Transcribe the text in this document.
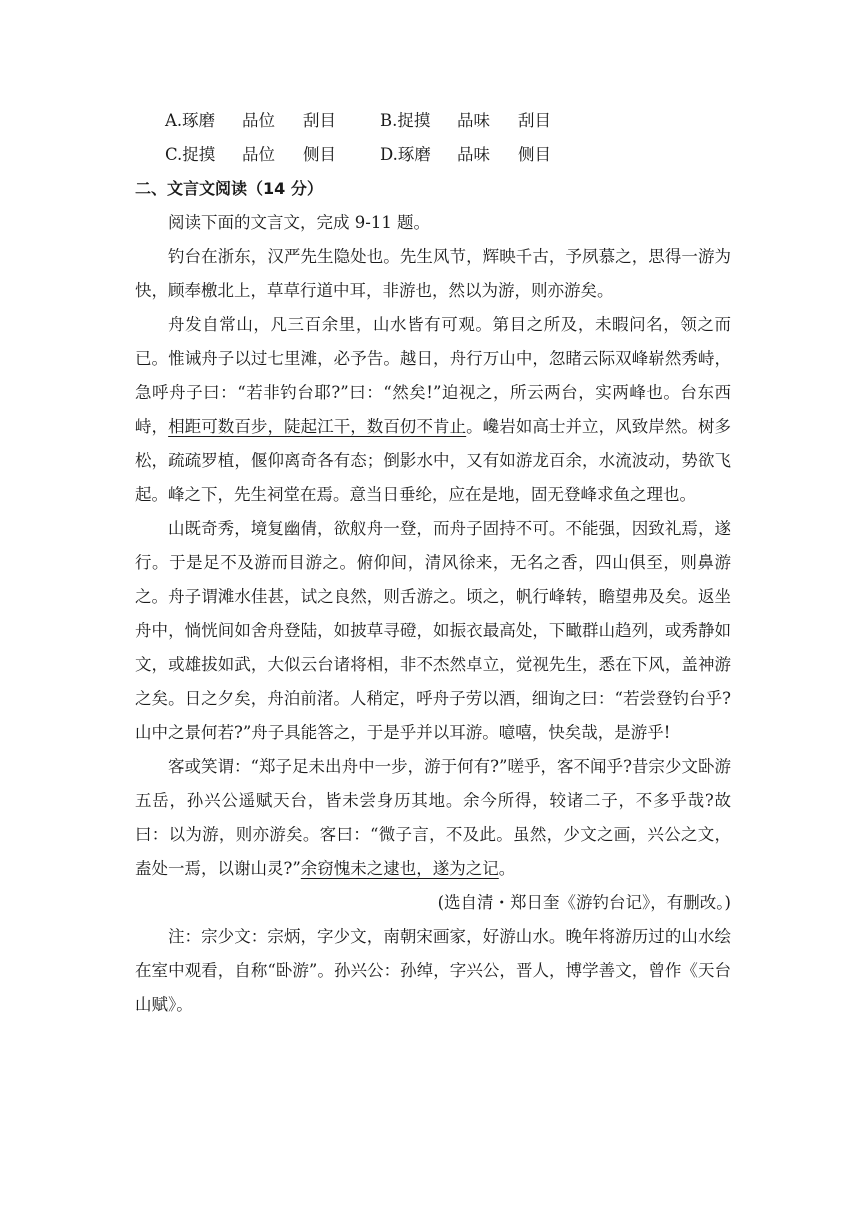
A.琢磨	品位	刮目	B.捉摸	品味	刮目
C.捉摸	品位	侧目	D.琢磨	品味	侧目
二、文言文阅读（14 分）

阅读下面的文言文，完成 9-11 题。

钓台在浙东，汉严先生隐处也。先生风节，辉映千古，予夙慕之，思得一游为快，顾奉檄北上，草草行道中耳，非游也，然以为游，则亦游矣。

舟发自常山，凡三百余里，山水皆有可观。第目之所及，未暇问名，领之而已。惟诫舟子以过七里滩，必予告。越日，舟行万山中，忽睹云际双峰崭然秀峙，急呼舟子曰：“若非钓台耶?”曰：“然矣!”迫视之，所云两台，实两峰也。台东西峙，相距可数百步，陡起江干，数百仞不肯止。巉岩如高士并立，风致岸然。树多松，疏疏罗植，偃仰离奇各有态；倒影水中，又有如游龙百余，水流波动，势欲飞起。峰之下，先生祠堂在焉。意当日垂纶，应在是地，固无登峰求鱼之理也。

山既奇秀，境复幽倩，欲舣舟一登，而舟子固持不可。不能强，因致礼焉，遂行。于是足不及游而目游之。俯仰间，清风徐来，无名之香，四山俱至，则鼻游之。舟子谓滩水佳甚，试之良然，则舌游之。顷之，帆行峰转，瞻望弗及矣。返坐舟中，惝恍间如舍舟登陆，如披草寻磴，如振衣最高处，下瞰群山趋列，或秀静如文，或雄拔如武，大似云台诸将相，非不杰然卓立，觉视先生，悉在下风，盖神游之矣。日之夕矣，舟泊前渚。人稍定，呼舟子劳以酒，细询之曰：“若尝登钓台乎?山中之景何若?”舟子具能答之，于是乎并以耳游。噫嘻，快矣哉，是游乎!

客或笑谓：“郑子足未出舟中一步，游于何有?”嗟乎，客不闻乎?昔宗少文卧游五岳，孙兴公遥赋天台，皆未尝身历其地。余今所得，较诸二子，不多乎哉?故曰：以为游，则亦游矣。客曰：“微子言，不及此。虽然，少文之画，兴公之文，盍处一焉，以谢山灵?”余窃愧未之逮也，遂为之记。

(选自清・郑日奎《游钓台记》，有删改。)

注：宗少文：宗炳，字少文，南朝宋画家，好游山水。晚年将游历过的山水绘在室中观看，自称“卧游”。孙兴公：孙绰，字兴公，晋人，博学善文，曾作《天台山赋》。
